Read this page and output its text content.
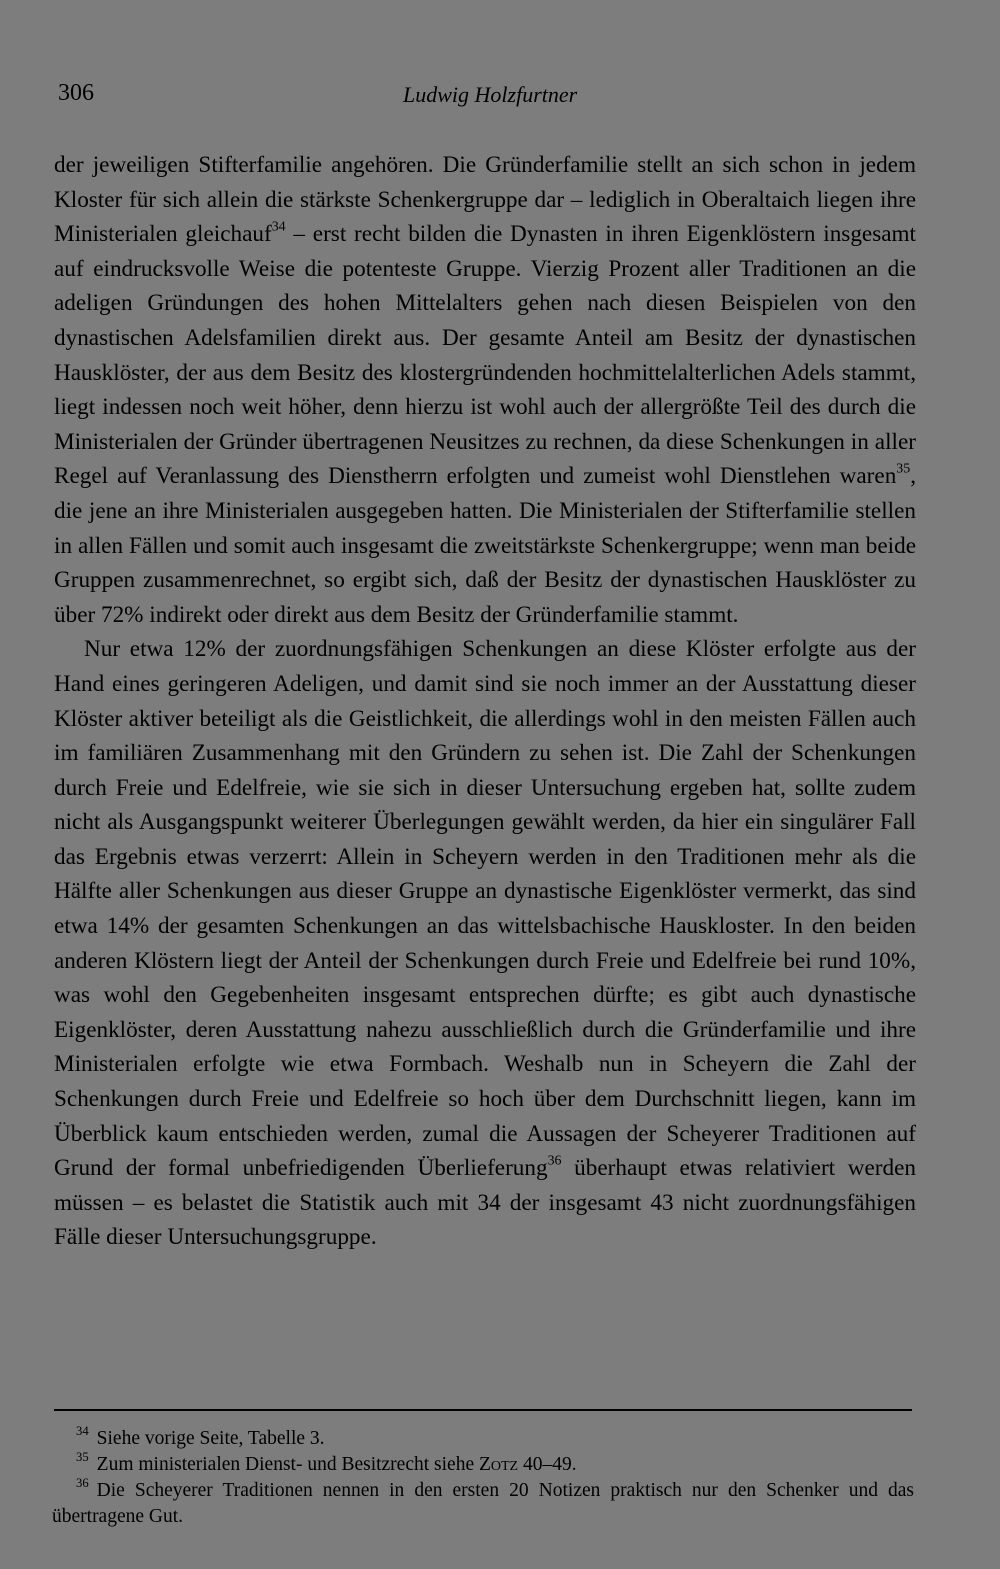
306	Ludwig Holzfurtner

der jeweiligen Stifterfamilie angehören. Die Gründerfamilie stellt an sich schon in jedem Kloster für sich allein die stärkste Schenkergruppe dar – lediglich in Oberaltaich liegen ihre Ministerialen gleichauf$^{34}$ – erst recht bilden die Dynasten in ihren Eigenklöstern insgesamt auf eindrucksvolle Weise die potenteste Gruppe. Vierzig Prozent aller Traditionen an die adeligen Gründungen des hohen Mittelalters gehen nach diesen Beispielen von den dynastischen Adelsfamilien direkt aus. Der gesamte Anteil am Besitz der dynastischen Hausklöster, der aus dem Besitz des klostergründenden hochmittelalterlichen Adels stammt, liegt indessen noch weit höher, denn hierzu ist wohl auch der allergrößte Teil des durch die Ministerialen der Gründer übertragenen Neusitzes zu rechnen, da diese Schenkungen in aller Regel auf Veranlassung des Dienstherrn erfolgten und zumeist wohl Dienstlehen waren$^{35}$, die jene an ihre Ministerialen ausgegeben hatten. Die Ministerialen der Stifterfamilie stellen in allen Fällen und somit auch insgesamt die zweitstärkste Schenkergruppe; wenn man beide Gruppen zusammenrechnet, so ergibt sich, daß der Besitz der dynastischen Hausklöster zu über 72% indirekt oder direkt aus dem Besitz der Gründerfamilie stammt.

Nur etwa 12% der zuordnungsfähigen Schenkungen an diese Klöster erfolgte aus der Hand eines geringeren Adeligen, und damit sind sie noch immer an der Ausstattung dieser Klöster aktiver beteiligt als die Geistlichkeit, die allerdings wohl in den meisten Fällen auch im familiären Zusammenhang mit den Gründern zu sehen ist. Die Zahl der Schenkungen durch Freie und Edelfreie, wie sie sich in dieser Untersuchung ergeben hat, sollte zudem nicht als Ausgangspunkt weiterer Überlegungen gewählt werden, da hier ein singulärer Fall das Ergebnis etwas verzerrt: Allein in Scheyern werden in den Traditionen mehr als die Hälfte aller Schenkungen aus dieser Gruppe an dynastische Eigenklöster vermerkt, das sind etwa 14% der gesamten Schenkungen an das wittelsbachische Hauskloster. In den beiden anderen Klöstern liegt der Anteil der Schenkungen durch Freie und Edelfreie bei rund 10%, was wohl den Gegebenheiten insgesamt entsprechen dürfte; es gibt auch dynastische Eigenklöster, deren Ausstattung nahezu ausschließlich durch die Gründerfamilie und ihre Ministerialen erfolgte wie etwa Formbach. Weshalb nun in Scheyern die Zahl der Schenkungen durch Freie und Edelfreie so hoch über dem Durchschnitt liegen, kann im Überblick kaum entschieden werden, zumal die Aussagen der Scheyerer Traditionen auf Grund der formal unbefriedigenden Überlieferung$^{36}$ überhaupt etwas relativiert werden müssen – es belastet die Statistik auch mit 34 der insgesamt 43 nicht zuordnungsfähigen Fälle dieser Untersuchungsgruppe.

$^{34}$ Siehe vorige Seite, Tabelle 3.

$^{35}$ Zum ministerialen Dienst- und Besitzrecht siehe Zotz 40–49.

$^{36}$ Die Scheyerer Traditionen nennen in den ersten 20 Notizen praktisch nur den Schenker und das übertragene Gut.
